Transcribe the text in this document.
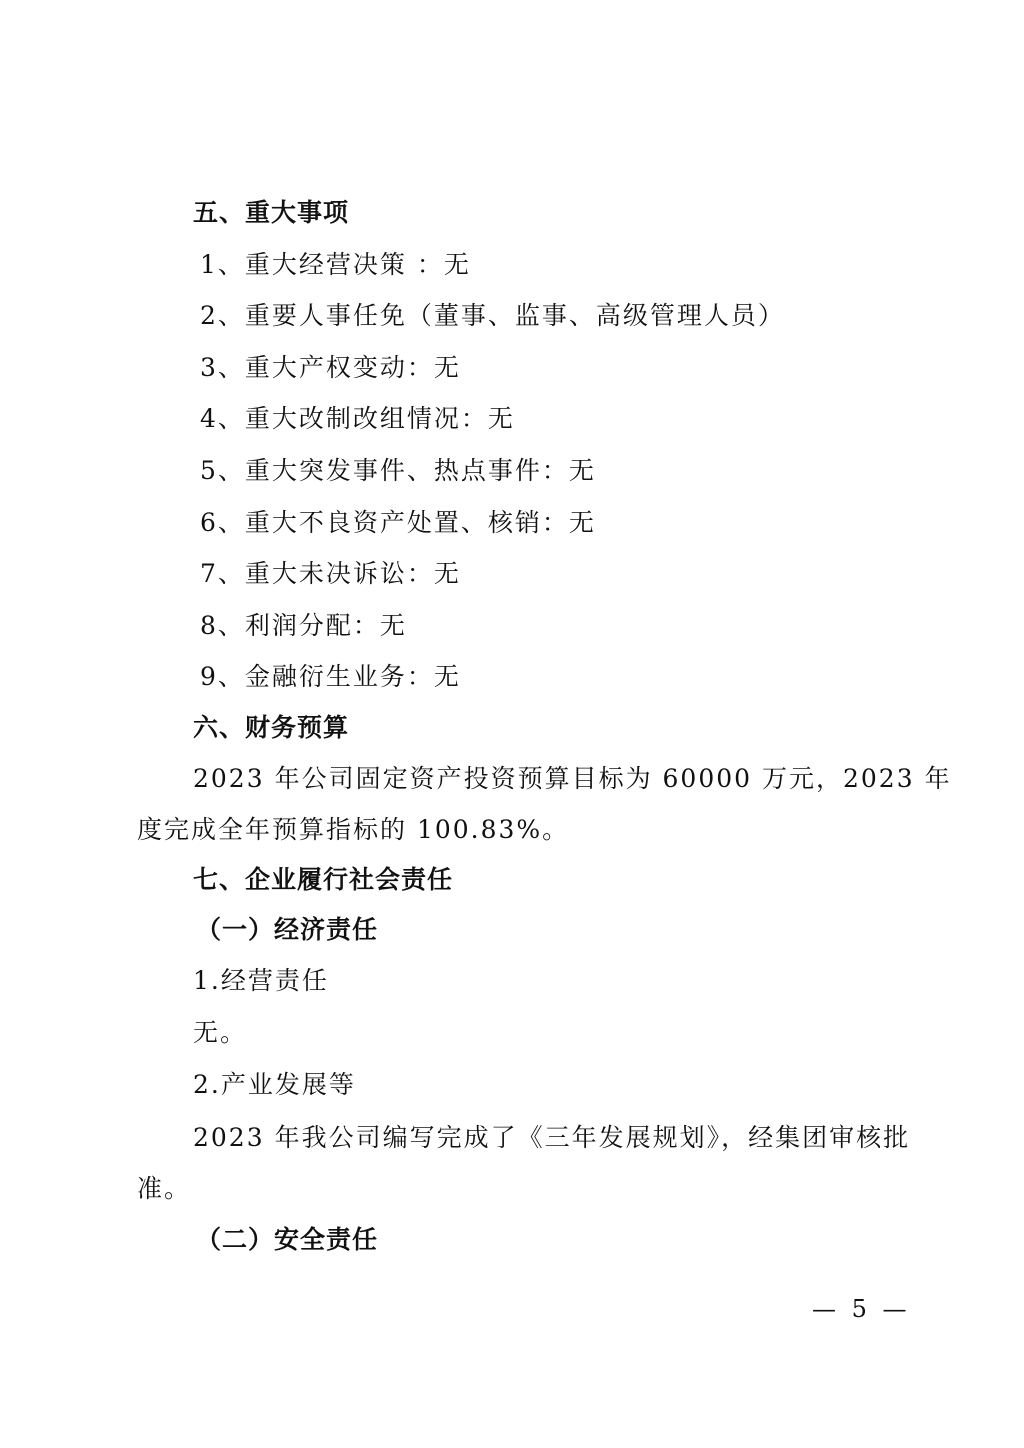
五、重大事项
1、重大经营决策 ：无
2、重要人事任免（董事、监事、高级管理人员）
3、重大产权变动：无
4、重大改制改组情况：无
5、重大突发事件、热点事件：无
6、重大不良资产处置、核销：无
7、重大未决诉讼：无
8、利润分配：无
9、金融衍生业务：无
六、财务预算
2023 年公司固定资产投资预算目标为 60000 万元，2023 年
度完成全年预算指标的 100.83%。
七、企业履行社会责任
（一）经济责任
1.经营责任
无。
2.产业发展等
2023 年我公司编写完成了《三年发展规划》，经集团审核批
准。
（二）安全责任
— 5 —
